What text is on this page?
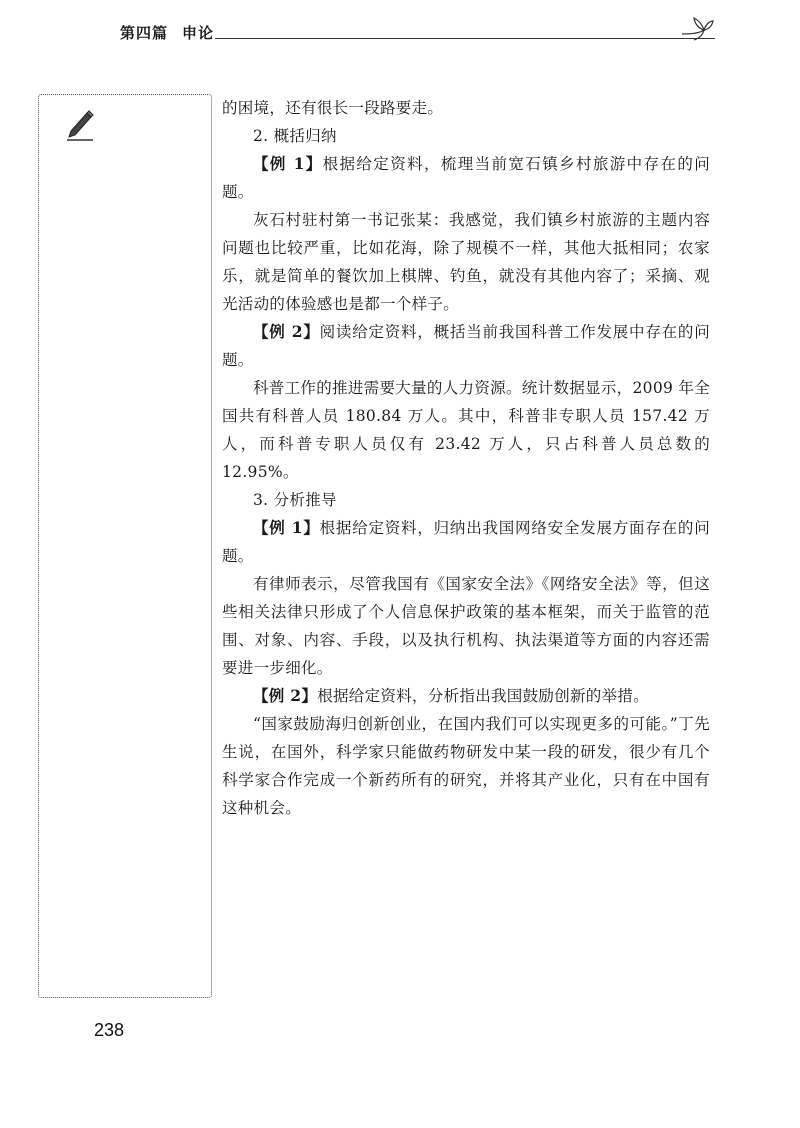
第四篇 申论

的困境，还有很长一段路要走。

2. 概括归纳

【例 1】根据给定资料，梳理当前宽石镇乡村旅游中存在的问题。

灰石村驻村第一书记张某：我感觉，我们镇乡村旅游的主题内容问题也比较严重，比如花海，除了规模不一样，其他大抵相同；农家乐，就是简单的餐饮加上棋牌、钓鱼，就没有其他内容了；采摘、观光活动的体验感也是都一个样子。

【例 2】阅读给定资料，概括当前我国科普工作发展中存在的问题。

科普工作的推进需要大量的人力资源。统计数据显示，2009 年全国共有科普人员 180.84 万人。其中，科普非专职人员 157.42 万人，而科普专职人员仅有 23.42 万人，只占科普人员总数的 12.95%。

3. 分析推导

【例 1】根据给定资料，归纳出我国网络安全发展方面存在的问题。

有律师表示，尽管我国有《国家安全法》《网络安全法》等，但这些相关法律只形成了个人信息保护政策的基本框架，而关于监管的范围、对象、内容、手段，以及执行机构、执法渠道等方面的内容还需要进一步细化。

【例 2】根据给定资料，分析指出我国鼓励创新的举措。

“国家鼓励海归创新创业，在国内我们可以实现更多的可能。”丁先生说，在国外，科学家只能做药物研发中某一段的研发，很少有几个科学家合作完成一个新药所有的研究，并将其产业化，只有在中国有这种机会。

238
